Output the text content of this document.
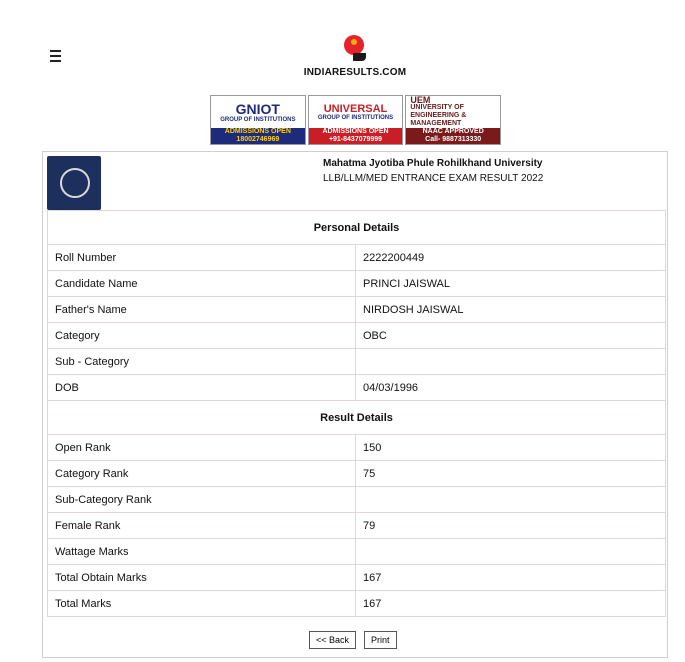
INDIARESULTS.COM
GNIOT
GROUP OF INSTITUTIONS
ADMISSIONS OPEN
18002746969
UNIVERSAL
GROUP OF INSTITUTIONS
ADMISSIONS OPEN
+91-8437079999
UEM
UNIVERSITY OF ENGINEERING & MANAGEMENT
NAAC APPROVED
Call- 9887313330
Mahatma Jyotiba Phule Rohilkhand University
LLB/LLM/MED ENTRANCE EXAM RESULT 2022
Personal Details	
Roll Number	2222200449
Candidate Name	PRINCI JAISWAL
Father's Name	NIRDOSH JAISWAL
Category	OBC
Sub - Category	
DOB	04/03/1996
Result Details	
Open Rank	150
Category Rank	75
Sub-Category Rank	
Female Rank	79
Wattage Marks	
Total Obtain Marks	167
Total Marks	167
<< Back	Print
